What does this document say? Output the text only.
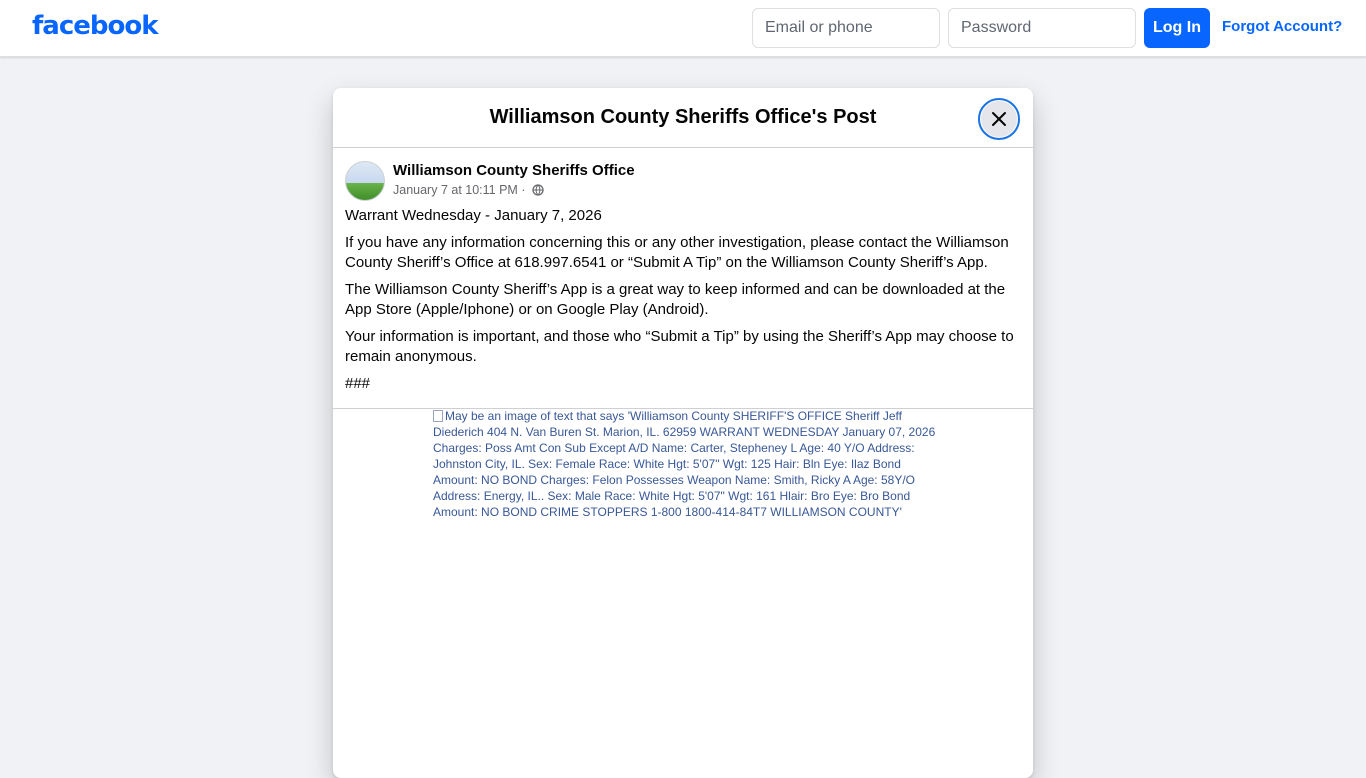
facebook
Email or phone	Log In	Forgot Account?
Williamson County Sheriffs Office's Post
Williamson County Sheriffs Office
January 7 at 10:11 PM ·

Warrant Wednesday - January 7, 2026

If you have any information concerning this or any other investigation, please contact the Williamson County Sheriff’s Office at 618.997.6541 or “Submit A Tip” on the Williamson County Sheriff’s App.

The Williamson County Sheriff’s App is a great way to keep informed and can be downloaded at the App Store (Apple/Iphone) or on Google Play (Android).

Your information is important, and those who “Submit a Tip” by using the Sheriff’s App may choose to remain anonymous.

###

May be an image of text that says 'Williamson County SHERIFF'S OFFICE Sheriff Jeff Diederich 404 N. Van Buren St. Marion, IL. 62959 WARRANT WEDNESDAY January 07, 2026 Charges: Poss Amt Con Sub Except A/D Name: Carter, Stepheney L Age: 40 Y/O Address: Johnston City, IL. Sex: Female Race: White Hgt: 5'07" Wgt: 125 Hair: Bln Eye: Ilaz Bond Amount: NO BOND Charges: Felon Possesses Weapon Name: Smith, Ricky A Age: 58Y/O Address: Energy, IL.. Sex: Male Race: White Hgt: 5'07" Wgt: 161 Hlair: Bro Eye: Bro Bond Amount: NO BOND CRIME STOPPERS 1-800 1800-414-84T7 WILLIAMSON COUNTY'
